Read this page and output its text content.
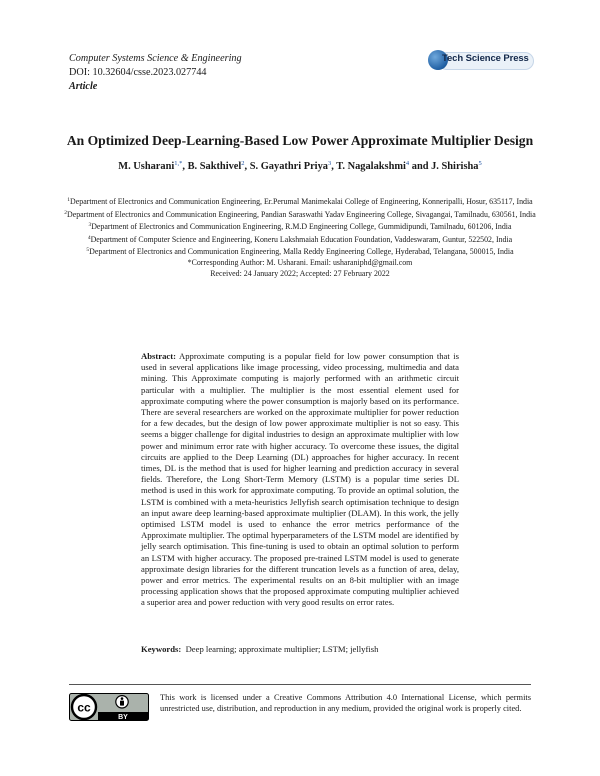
Computer Systems Science & Engineering
DOI: 10.32604/csse.2023.027744
Article
Tech Science Press
An Optimized Deep-Learning-Based Low Power Approximate Multiplier Design
M. Usharani$^{1,*}$, B. Sakthivel$^2$, S. Gayathri Priya$^3$, T. Nagalakshmi$^4$ and J. Shirisha$^5$
$^1$Department of Electronics and Communication Engineering, Er.Perumal Manimekalai College of Engineering, Konneripalli, Hosur, 635117, India
$^2$Department of Electronics and Communication Engineering, Pandian Saraswathi Yadav Engineering College, Sivagangai, Tamilnadu, 630561, India
$^3$Department of Electronics and Communication Engineering, R.M.D Engineering College, Gummidipundi, Tamilnadu, 601206, India
$^4$Department of Computer Science and Engineering, Koneru Lakshmaiah Education Foundation, Vaddeswaram, Guntur, 522502, India
$^5$Department of Electronics and Communication Engineering, Malla Reddy Engineering College, Hyderabad, Telangana, 500015, India
*Corresponding Author: M. Usharani. Email: usharaniphd@gmail.com
Received: 24 January 2022; Accepted: 27 February 2022
Abstract: Approximate computing is a popular field for low power consumption that is used in several applications like image processing, video processing, multimedia and data mining. This Approximate computing is majorly performed with an arithmetic circuit particular with a multiplier. The multiplier is the most essential element used for approximate computing where the power consumption is majorly based on its performance. There are several researchers are worked on the approximate multiplier for power reduction for a few decades, but the design of low power approximate multiplier is not so easy. This seems a bigger challenge for digital industries to design an approximate multiplier with low power and minimum error rate with higher accuracy. To overcome these issues, the digital circuits are applied to the Deep Learning (DL) approaches for higher accuracy. In recent times, DL is the method that is used for higher learning and prediction accuracy in several fields. Therefore, the Long Short-Term Memory (LSTM) is a popular time series DL method is used in this work for approximate computing. To provide an optimal solution, the LSTM is combined with a meta-heuristics Jellyfish search optimisation technique to design an input aware deep learning-based approximate multiplier (DLAM). In this work, the jelly optimised LSTM model is used to enhance the error metrics performance of the Approximate multiplier. The optimal hyperparameters of the LSTM model are identified by jelly search optimisation. This fine-tuning is used to obtain an optimal solution to perform an LSTM with higher accuracy. The proposed pre-trained LSTM model is used to generate approximate design libraries for the different truncation levels as a function of area, delay, power and error metrics. The experimental results on an 8-bit multiplier with an image processing application shows that the proposed approximate computing multiplier achieved a superior area and power reduction with very good results on error rates.
Keywords: Deep learning; approximate multiplier; LSTM; jellyfish
cc
BY
This work is licensed under a Creative Commons Attribution 4.0 International License, which permits unrestricted use, distribution, and reproduction in any medium, provided the original work is properly cited.
